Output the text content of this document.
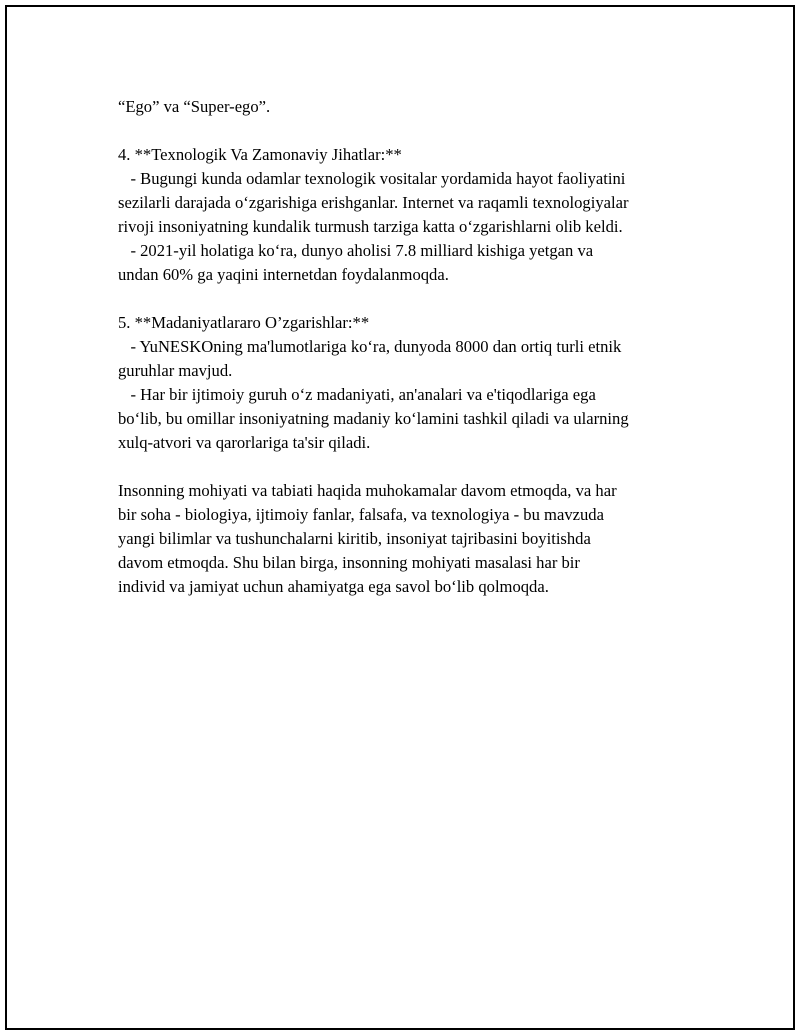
“Ego” va “Super-ego”.
4. **Texnologik Va Zamonaviy Jihatlar:**
- Bugungi kunda odamlar texnologik vositalar yordamida hayot faoliyatini
sezilarli darajada o‘zgarishiga erishganlar. Internet va raqamli texnologiyalar
rivoji insoniyatning kundalik turmush tarziga katta o‘zgarishlarni olib keldi.
- 2021-yil holatiga ko‘ra, dunyo aholisi 7.8 milliard kishiga yetgan va
undan 60% ga yaqini internetdan foydalanmoqda.
5. **Madaniyatlararo O’zgarishlar:**
- YuNESKOning ma'lumotlariga ko‘ra, dunyoda 8000 dan ortiq turli etnik
guruhlar mavjud.
- Har bir ijtimoiy guruh o‘z madaniyati, an'analari va e'tiqodlariga ega
bo‘lib, bu omillar insoniyatning madaniy ko‘lamini tashkil qiladi va ularning
xulq-atvori va qarorlariga ta'sir qiladi.
Insonning mohiyati va tabiati haqida muhokamalar davom etmoqda, va har
bir soha - biologiya, ijtimoiy fanlar, falsafa, va texnologiya - bu mavzuda
yangi bilimlar va tushunchalarni kiritib, insoniyat tajribasini boyitishda
davom etmoqda. Shu bilan birga, insonning mohiyati masalasi har bir
individ va jamiyat uchun ahamiyatga ega savol bo‘lib qolmoqda.
